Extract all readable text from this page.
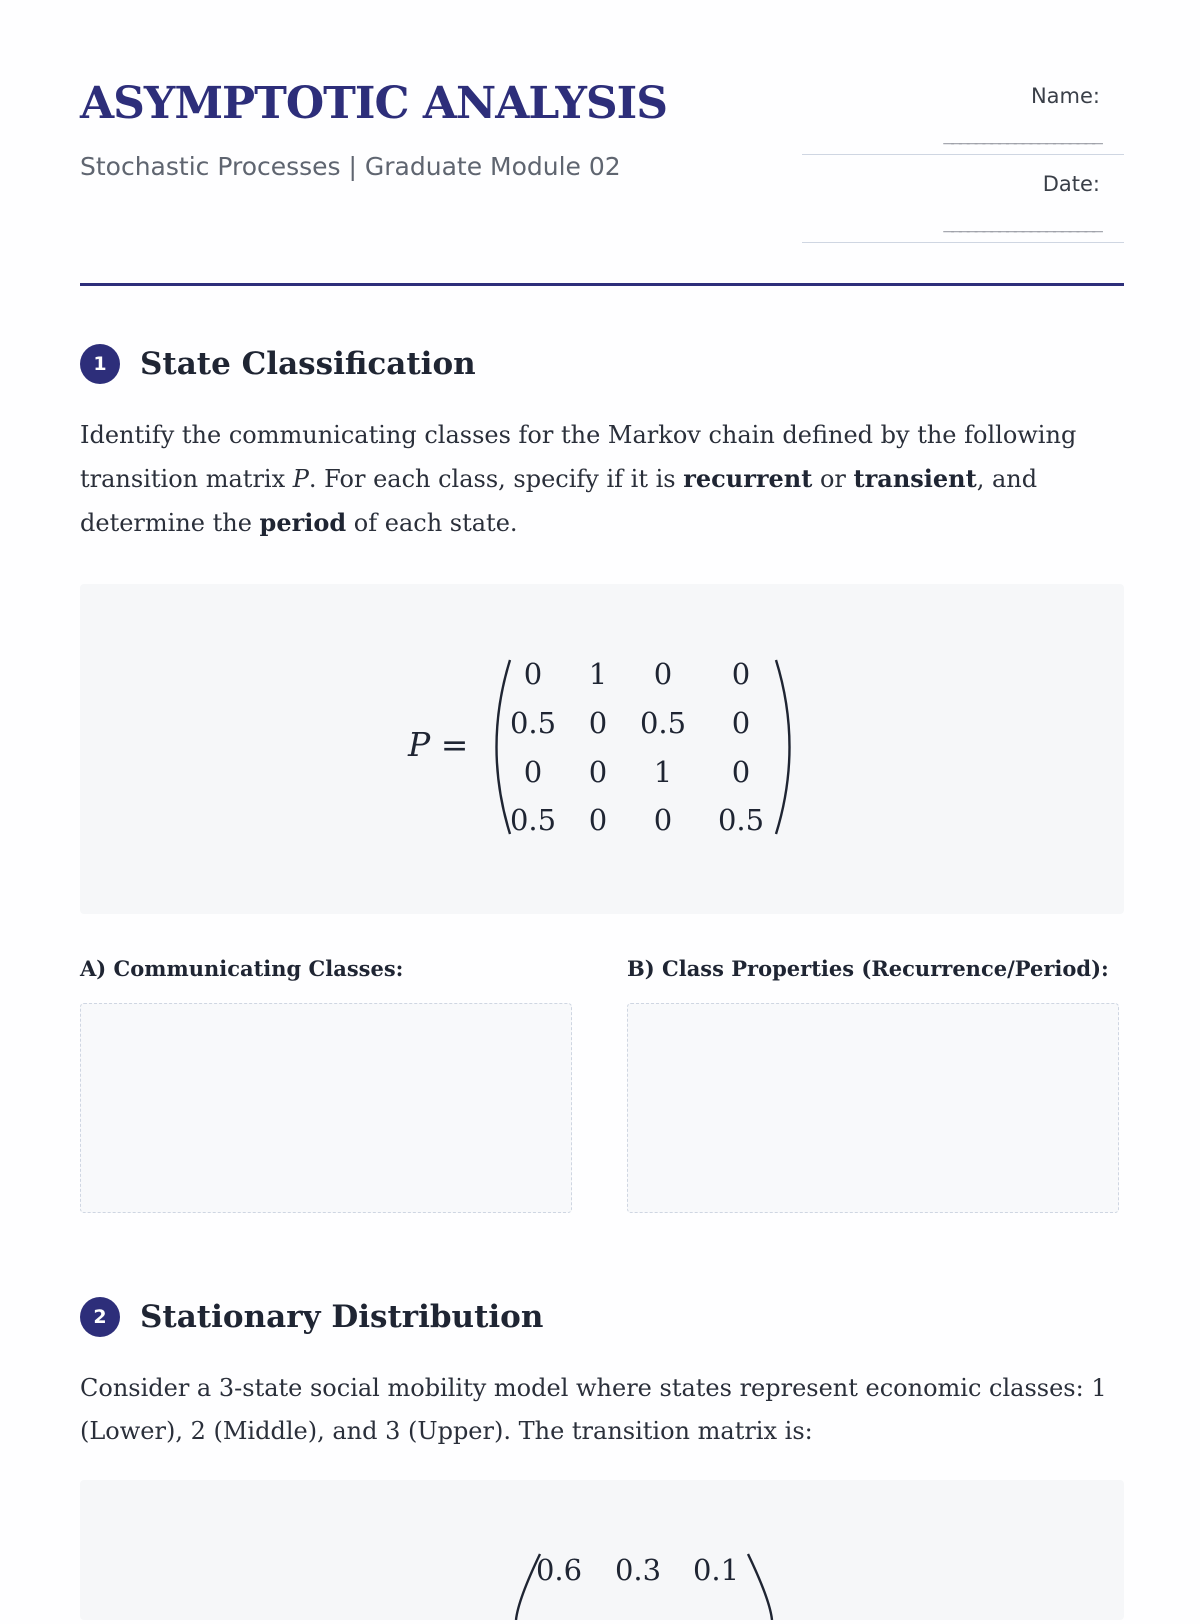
ASYMPTOTIC ANALYSIS
Stochastic Processes | Graduate Module 02
Name:
____________________
Date:
____________________
1	State Classification

Identify the communicating classes for the Markov chain defined by the following transition matrix P. For each class, specify if it is recurrent or transient, and determine the period of each state.

P =
0 1 0 0
0.5 0 0.5 0
0 0 1 0
0.5 0 0 0.5
A) Communicating Classes:	B) Class Properties (Recurrence/Period):
2	Stationary Distribution

Consider a 3-state social mobility model where states represent economic classes: 1 (Lower), 2 (Middle), and 3 (Upper). The transition matrix is:

0.6 0.3 0.1
